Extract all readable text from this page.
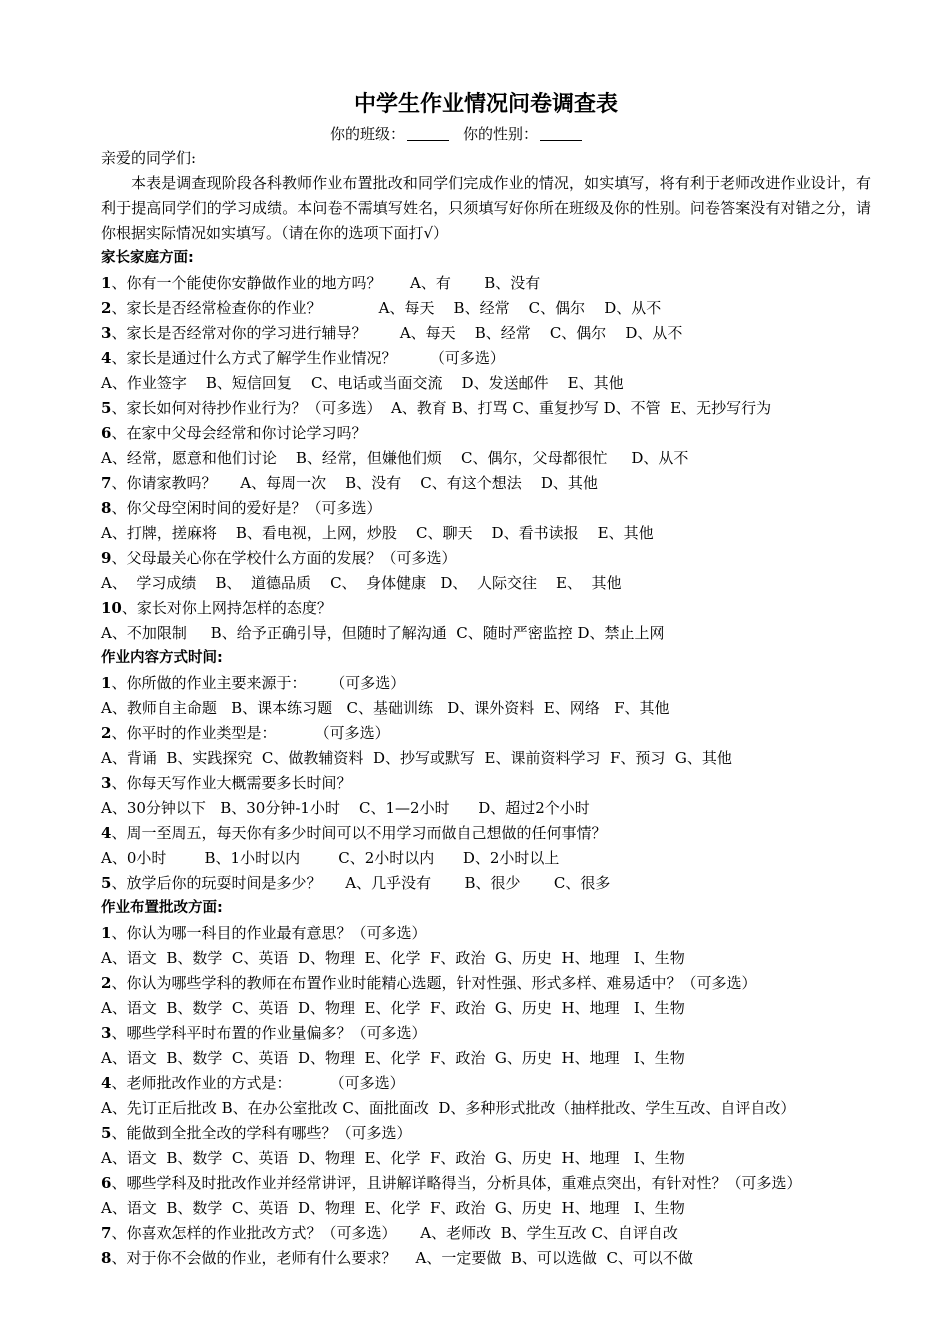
中学生作业情况问卷调查表
你的班级：	你的性别：
亲爱的同学们:
本表是调查现阶段各科教师作业布置批改和同学们完成作业的情况，如实填写，将有利于老师改进作业设计，有利于提高同学们的学习成绩。本问卷不需填写姓名，只须填写好你所在班级及你的性别。问卷答案没有对错之分，请你根据实际情况如实填写。（请在你的选项下面打√）
家长家庭方面:
1、你有一个能使你安静做作业的地方吗？      A、有       B、没有
2、家长是否经常检查你的作业？            A、每天    B、经常    C、偶尔    D、从不
3、家长是否经常对你的学习进行辅导？       A、每天    B、经常    C、偶尔    D、从不
4、家长是通过什么方式了解学生作业情况？       （可多选）
A、作业签字    B、短信回复    C、电话或当面交流    D、发送邮件    E、其他
5、家长如何对待抄作业行为？（可多选）  A、教育 B、打骂 C、重复抄写 D、不管  E、无抄写行为
6、在家中父母会经常和你讨论学习吗？
A、经常，愿意和他们讨论    B、经常，但嫌他们烦    C、偶尔，父母都很忙     D、从不
7、你请家教吗？     A、每周一次    B、没有    C、有这个想法    D、其他
8、你父母空闲时间的爱好是？（可多选）
A、打牌，搓麻将    B、看电视，上网，炒股    C、聊天    D、看书读报    E、其他
9、父母最关心你在学校什么方面的发展？（可多选）
A、  学习成绩    B、  道德品质    C、  身体健康   D、  人际交往    E、  其他
10、家长对你上网持怎样的态度？
A、不加限制     B、给予正确引导，但随时了解沟通  C、随时严密监控 D、禁止上网
作业内容方式时间:
1、你所做的作业主要来源于：     （可多选）
A、教师自主命题   B、课本练习题   C、基础训练   D、课外资料  E、网络   F、其他
2、你平时的作业类型是：        （可多选）
A、背诵  B、实践探究  C、做教辅资料  D、抄写或默写  E、课前资料学习  F、预习  G、其他
3、你每天写作业大概需要多长时间？
A、30分钟以下   B、30分钟-1小时    C、1—2小时      D、超过2个小时
4、周一至周五，每天你有多少时间可以不用学习而做自己想做的任何事情？
A、0小时        B、1小时以内        C、2小时以内      D、2小时以上
5、放学后你的玩耍时间是多少？     A、几乎没有       B、很少       C、很多
作业布置批改方面:
1、你认为哪一科目的作业最有意思？（可多选）
A、语文  B、数学  C、英语  D、物理  E、化学  F、政治  G、历史  H、地理   I、生物
2、你认为哪些学科的教师在布置作业时能精心选题，针对性强、形式多样、难易适中？（可多选）
A、语文  B、数学  C、英语  D、物理  E、化学  F、政治  G、历史  H、地理   I、生物
3、哪些学科平时布置的作业量偏多？（可多选）
A、语文  B、数学  C、英语  D、物理  E、化学  F、政治  G、历史  H、地理   I、生物
4、老师批改作业的方式是：        （可多选）
A、先订正后批改 B、在办公室批改 C、面批面改  D、多种形式批改（抽样批改、学生互改、自评自改）
5、能做到全批全改的学科有哪些？（可多选）
A、语文  B、数学  C、英语  D、物理  E、化学  F、政治  G、历史  H、地理   I、生物
6、哪些学科及时批改作业并经常讲评，且讲解详略得当，分析具体，重难点突出，有针对性？（可多选）
A、语文  B、数学  C、英语  D、物理  E、化学  F、政治  G、历史  H、地理   I、生物
7、你喜欢怎样的作业批改方式？（可多选）     A、老师改  B、学生互改 C、自评自改
8、对于你不会做的作业，老师有什么要求？    A、一定要做  B、可以选做  C、可以不做
